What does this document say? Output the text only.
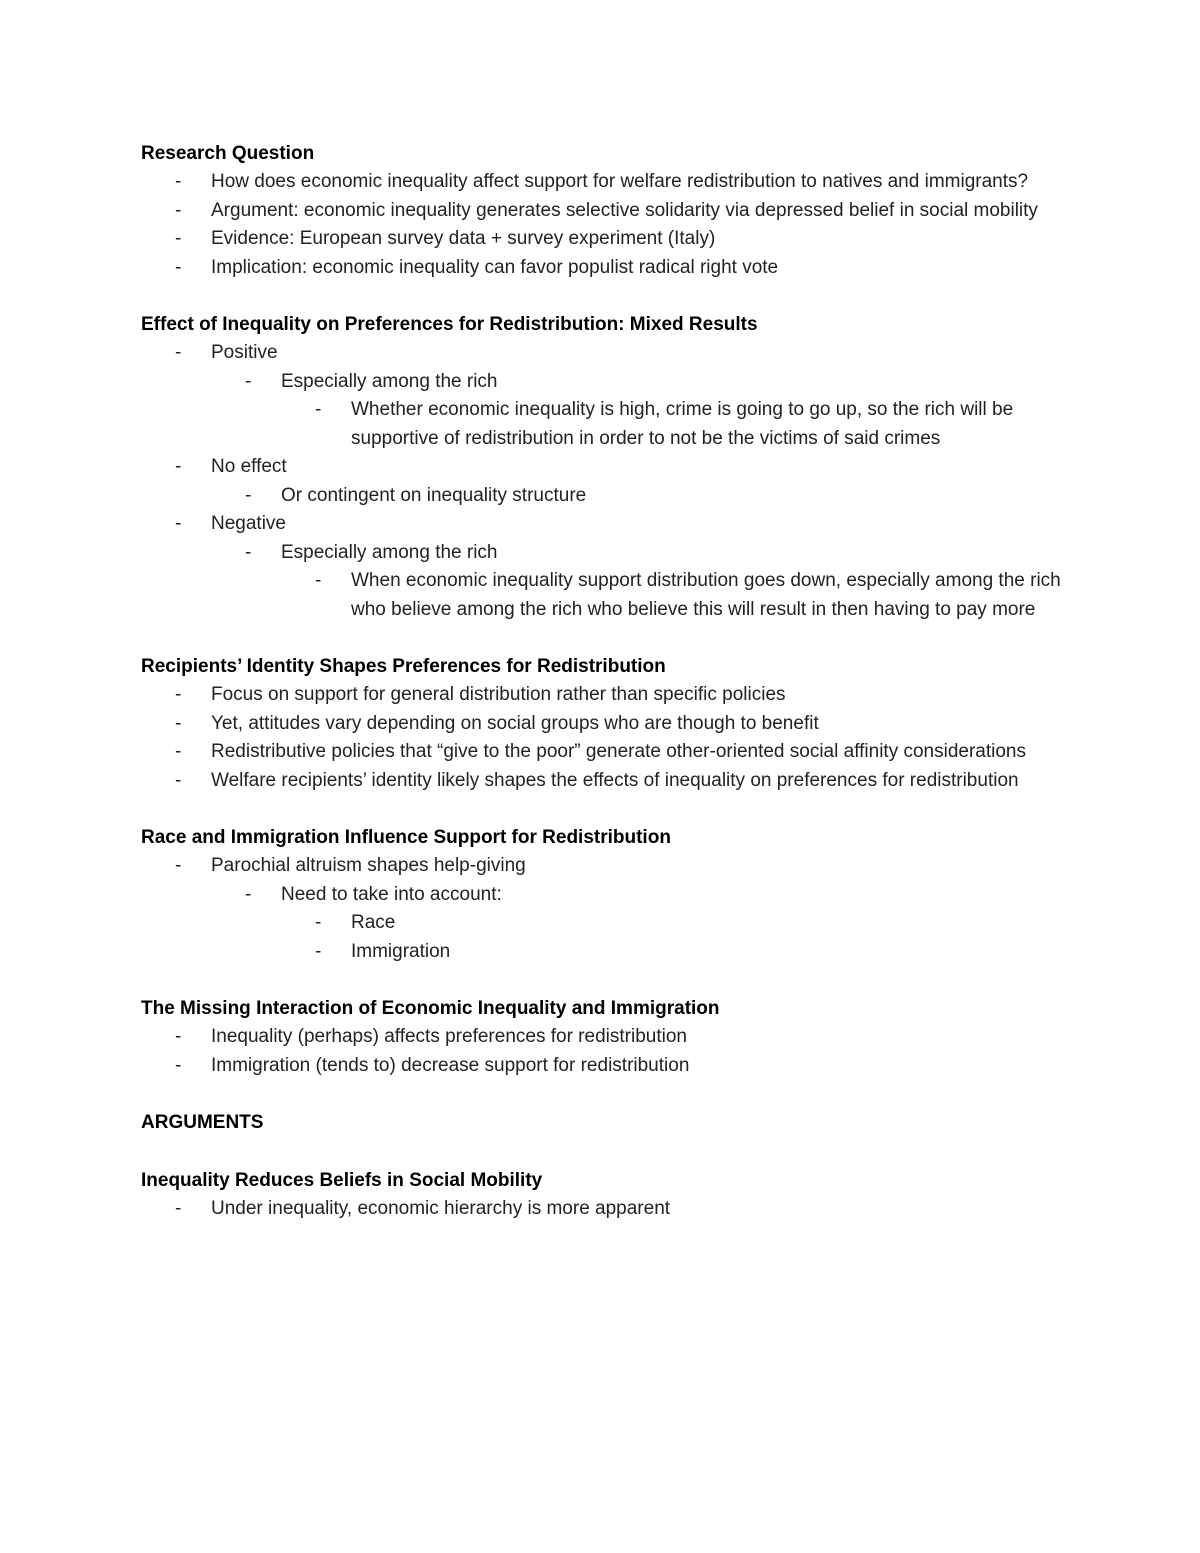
Research Question
- How does economic inequality affect support for welfare redistribution to natives and immigrants?
- Argument: economic inequality generates selective solidarity via depressed belief in social mobility
- Evidence: European survey data + survey experiment (Italy)
- Implication: economic inequality can favor populist radical right vote
Effect of Inequality on Preferences for Redistribution: Mixed Results
- Positive
- Especially among the rich
- Whether economic inequality is high, crime is going to go up, so the rich will be supportive of redistribution in order to not be the victims of said crimes
- No effect
- Or contingent on inequality structure
- Negative
- Especially among the rich
- When economic inequality support distribution goes down, especially among the rich who believe among the rich who believe this will result in then having to pay more
Recipients’ Identity Shapes Preferences for Redistribution
- Focus on support for general distribution rather than specific policies
- Yet, attitudes vary depending on social groups who are though to benefit
- Redistributive policies that “give to the poor” generate other-oriented social affinity considerations
- Welfare recipients’ identity likely shapes the effects of inequality on preferences for redistribution
Race and Immigration Influence Support for Redistribution
- Parochial altruism shapes help-giving
- Need to take into account:
- Race
- Immigration
The Missing Interaction of Economic Inequality and Immigration
- Inequality (perhaps) affects preferences for redistribution
- Immigration (tends to) decrease support for redistribution
ARGUMENTS
Inequality Reduces Beliefs in Social Mobility
- Under inequality, economic hierarchy is more apparent
